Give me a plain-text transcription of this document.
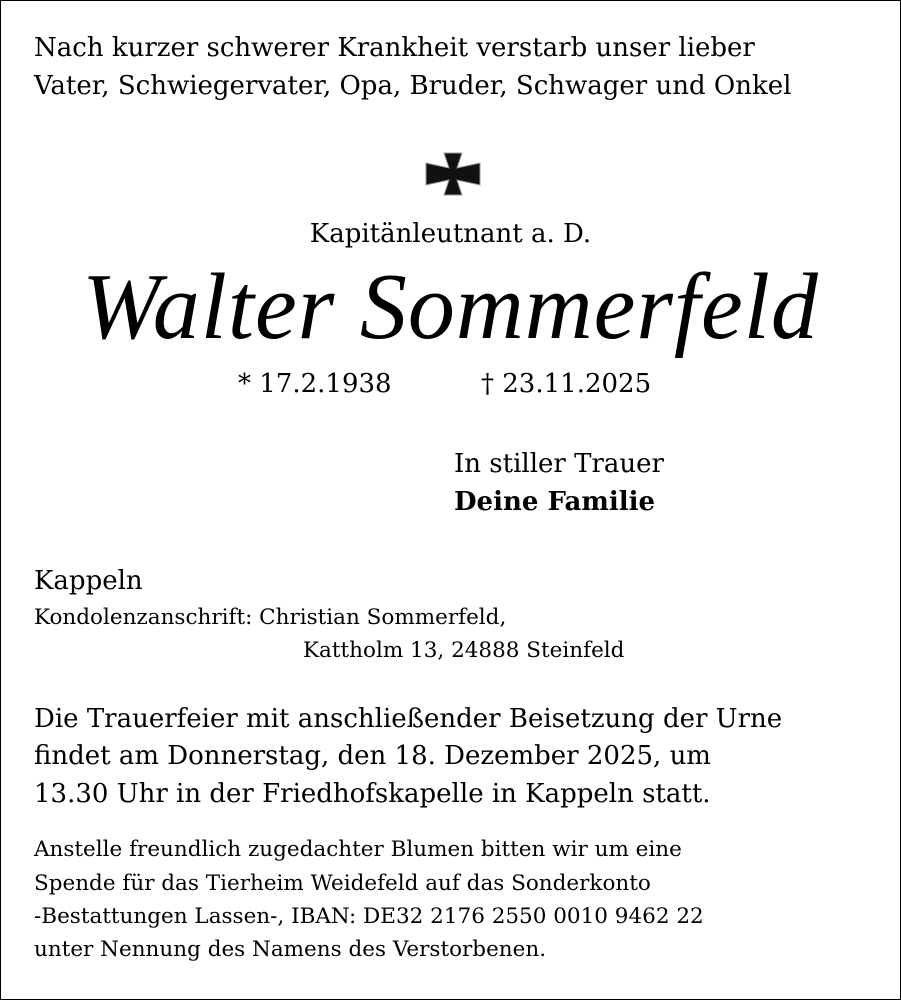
Nach kurzer schwerer Krankheit verstarb unser lieber
Vater, Schwiegervater, Opa, Bruder, Schwager und Onkel
Kapitänleutnant a. D.
Walter Sommerfeld
* 17.2.1938	† 23.11.2025
In stiller Trauer
Deine Familie
Kappeln
Kondolenzanschrift: Christian Sommerfeld,
Kattholm 13, 24888 Steinfeld
Die Trauerfeier mit anschließender Beisetzung der Urne
findet am Donnerstag, den 18. Dezember 2025, um
13.30 Uhr in der Friedhofskapelle in Kappeln statt.
Anstelle freundlich zugedachter Blumen bitten wir um eine
Spende für das Tierheim Weidefeld auf das Sonderkonto
-Bestattungen Lassen-, IBAN: DE32 2176 2550 0010 9462 22
unter Nennung des Namens des Verstorbenen.
